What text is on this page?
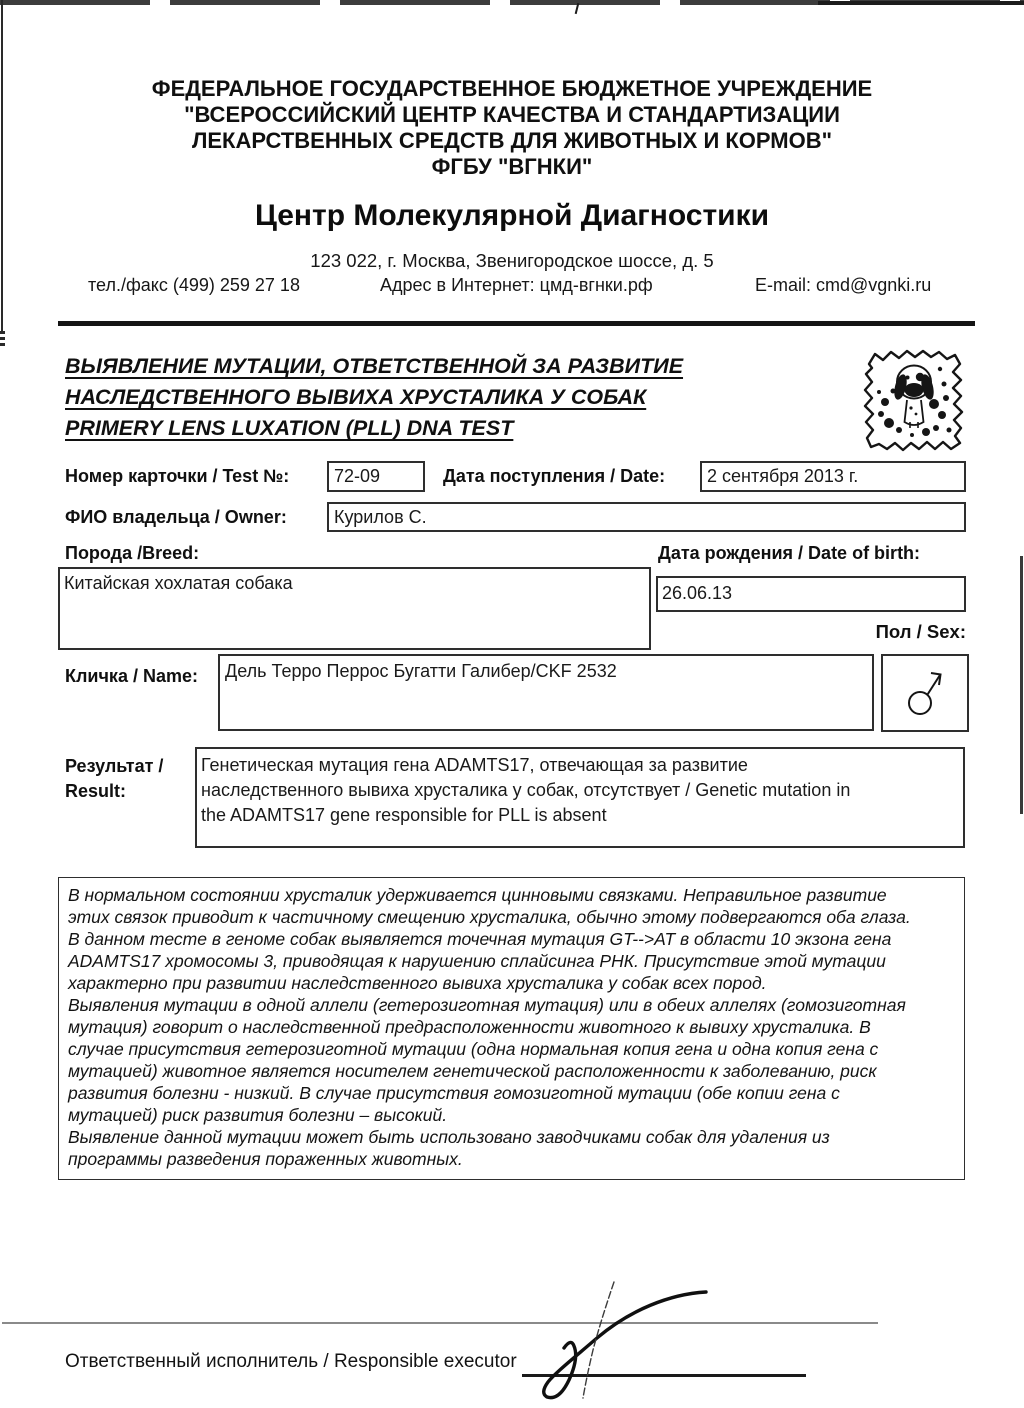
ФЕДЕРАЛЬНОЕ ГОСУДАРСТВЕННОЕ БЮДЖЕТНОЕ УЧРЕЖДЕНИЕ
"ВСЕРОССИЙСКИЙ ЦЕНТР КАЧЕСТВА И СТАНДАРТИЗАЦИИ
ЛЕКАРСТВЕННЫХ СРЕДСТВ ДЛЯ ЖИВОТНЫХ И КОРМОВ"
ФГБУ "ВГНКИ"
Центр Молекулярной Диагностики
123 022, г. Москва, Звенигородское шоссе, д. 5
тел./факс (499) 259 27 18	Адрес в Интернет: цмд-вгнки.рф	E-mail: cmd@vgnki.ru
ВЫЯВЛЕНИЕ МУТАЦИИ, ОТВЕТСТВЕННОЙ ЗА РАЗВИТИЕ
НАСЛЕДСТВЕННОГО ВЫВИХА ХРУСТАЛИКА У СОБАК
PRIMERY LENS LUXATION (PLL) DNA TEST
Номер карточки / Test №: 72-09	Дата поступления / Date: 2 сентября 2013 г.
ФИО владельца / Owner:	Курилов С.
Порода /Breed:	Дата рождения / Date of birth:
Китайская хохлатая собака	26.06.13
Пол / Sex:
Кличка / Name: Дель Терро Перрос Бугатти Галибер/CKF 2532
Результат /
Result:
Генетическая мутация гена ADAMTS17, отвечающая за развитие
наследственного вывиха хрусталика у собак, отсутствует / Genetic mutation in
the ADAMTS17 gene responsible for PLL is absent
В нормальном состоянии хрусталик удерживается цинновыми связками. Неправильное развитие
этих связок приводит к частичному смещению хрусталика, обычно этому подвергаются оба глаза.
В данном тесте в геноме собак выявляется точечная мутация GT-->AT в области 10 экзона гена
ADAMTS17 хромосомы 3, приводящая к нарушению сплайсинга РНК. Присутствие этой мутации
характерно при развитии наследственного вывиха хрусталика у собак всех пород.
Выявления мутации в одной аллели (гетерозиготная мутация) или в обеих аллелях (гомозиготная
мутация) говорит о наследственной предрасположенности животного к вывиху хрусталика. В
случае присутствия гетерозиготной мутации (одна нормальная копия гена и одна копия гена с
мутацией) животное является носителем генетической расположенности к заболеванию, риск
развития болезни - низкий. В случае присутствия гомозиготной мутации (обе копии гена с
мутацией) риск развития болезни – высокий.
Выявление данной мутации может быть использовано заводчиками собак для удаления из
программы разведения пораженных животных.
Ответственный исполнитель / Responsible executor
